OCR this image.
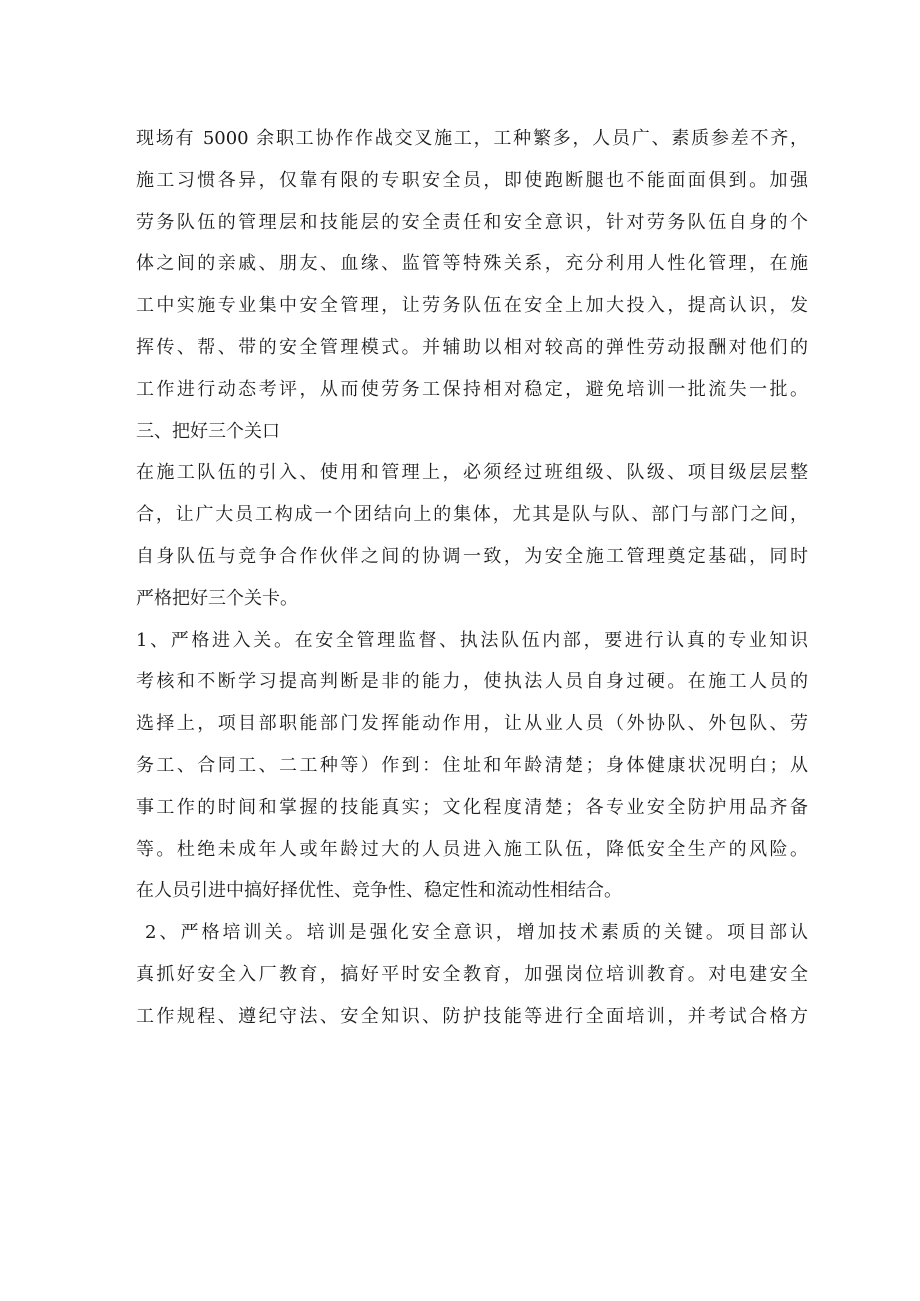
现场有 5000 余职工协作作战交叉施工，工种繁多，人员广、素质参差不齐，
施工习惯各异，仅靠有限的专职安全员，即使跑断腿也不能面面俱到。加强
劳务队伍的管理层和技能层的安全责任和安全意识，针对劳务队伍自身的个
体之间的亲戚、朋友、血缘、监管等特殊关系，充分利用人性化管理，在施
工中实施专业集中安全管理，让劳务队伍在安全上加大投入，提高认识，发
挥传、帮、带的安全管理模式。并辅助以相对较高的弹性劳动报酬对他们的
工作进行动态考评，从而使劳务工保持相对稳定，避免培训一批流失一批。
三、把好三个关口
在施工队伍的引入、使用和管理上，必须经过班组级、队级、项目级层层整
合，让广大员工构成一个团结向上的集体，尤其是队与队、部门与部门之间，
自身队伍与竞争合作伙伴之间的协调一致，为安全施工管理奠定基础，同时
严格把好三个关卡。
1、严格进入关。在安全管理监督、执法队伍内部，要进行认真的专业知识
考核和不断学习提高判断是非的能力，使执法人员自身过硬。在施工人员的
选择上，项目部职能部门发挥能动作用，让从业人员（外协队、外包队、劳
务工、合同工、二工种等）作到：住址和年龄清楚；身体健康状况明白；从
事工作的时间和掌握的技能真实；文化程度清楚；各专业安全防护用品齐备
等。杜绝未成年人或年龄过大的人员进入施工队伍，降低安全生产的风险。
在人员引进中搞好择优性、竞争性、稳定性和流动性相结合。
2、严格培训关。培训是强化安全意识，增加技术素质的关键。项目部认
真抓好安全入厂教育，搞好平时安全教育，加强岗位培训教育。对电建安全
工作规程、遵纪守法、安全知识、防护技能等进行全面培训，并考试合格方
